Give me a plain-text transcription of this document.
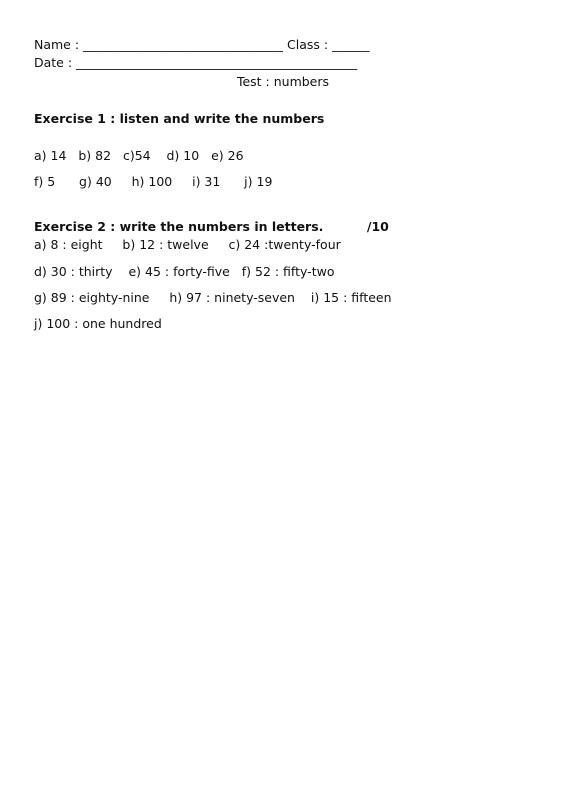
Name : ________________________________ Class : ______
Date : _____________________________________________
Test : numbers
Exercise 1 : listen and write the numbers
a) 14   b) 82   c)54    d) 10   e) 26
f) 5      g) 40     h) 100     i) 31      j) 19
Exercise 2 : write the numbers in letters.          /10
a) 8 : eight     b) 12 : twelve     c) 24 :twenty-four
d) 30 : thirty    e) 45 : forty-five   f) 52 : fifty-two
g) 89 : eighty-nine     h) 97 : ninety-seven    i) 15 : fifteen
j) 100 : one hundred
